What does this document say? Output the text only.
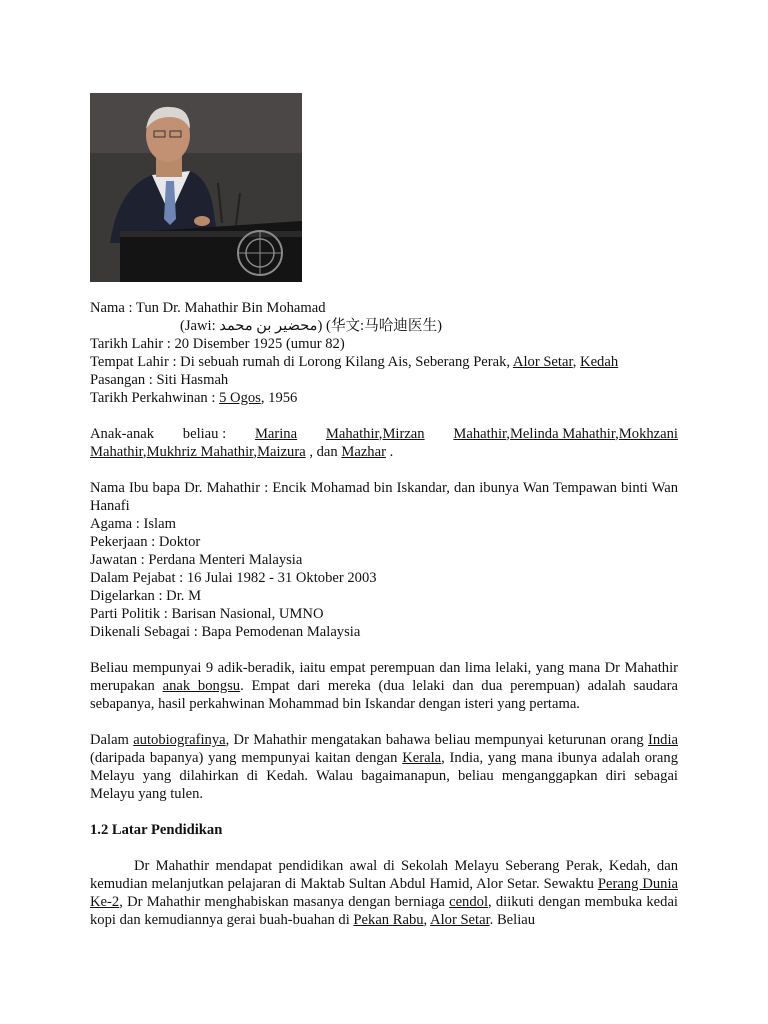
Nama : Tun Dr. Mahathir Bin Mohamad

(Jawi: محضير بن محمد) (华文:马哈迪医生)

Tarikh Lahir : 20 Disember 1925 (umur 82)

Tempat Lahir : Di sebuah rumah di Lorong Kilang Ais, Seberang Perak, Alor Setar, Kedah

Pasangan : Siti Hasmah

Tarikh Perkahwinan : 5 Ogos, 1956

Anak-anak beliau : Marina Mahathir,Mirzan Mahathir,Melinda Mahathir,Mokhzani

Mahathir,Mukhriz Mahathir,Maizura , dan Mazhar .

Nama Ibu bapa Dr. Mahathir : Encik Mohamad bin Iskandar, dan ibunya Wan Tempawan binti Wan Hanafi

Agama : Islam

Pekerjaan : Doktor

Jawatan : Perdana Menteri Malaysia

Dalam Pejabat : 16 Julai 1982 - 31 Oktober 2003

Digelarkan : Dr. M

Parti Politik : Barisan Nasional, UMNO

Dikenali Sebagai : Bapa Pemodenan Malaysia

Beliau mempunyai 9 adik-beradik, iaitu empat perempuan dan lima lelaki, yang mana Dr Mahathir merupakan anak bongsu. Empat dari mereka (dua lelaki dan dua perempuan) adalah saudara sebapanya, hasil perkahwinan Mohammad bin Iskandar dengan isteri yang pertama.

Dalam autobiografinya, Dr Mahathir mengatakan bahawa beliau mempunyai keturunan orang India (daripada bapanya) yang mempunyai kaitan dengan Kerala, India, yang mana ibunya adalah orang Melayu yang dilahirkan di Kedah. Walau bagaimanapun, beliau menganggapkan diri sebagai Melayu yang tulen.

1.2 Latar Pendidikan

Dr Mahathir mendapat pendidikan awal di Sekolah Melayu Seberang Perak, Kedah, dan kemudian melanjutkan pelajaran di Maktab Sultan Abdul Hamid, Alor Setar. Sewaktu Perang Dunia Ke-2, Dr Mahathir menghabiskan masanya dengan berniaga cendol, diikuti dengan membuka kedai kopi dan kemudiannya gerai buah-buahan di Pekan Rabu, Alor Setar. Beliau
